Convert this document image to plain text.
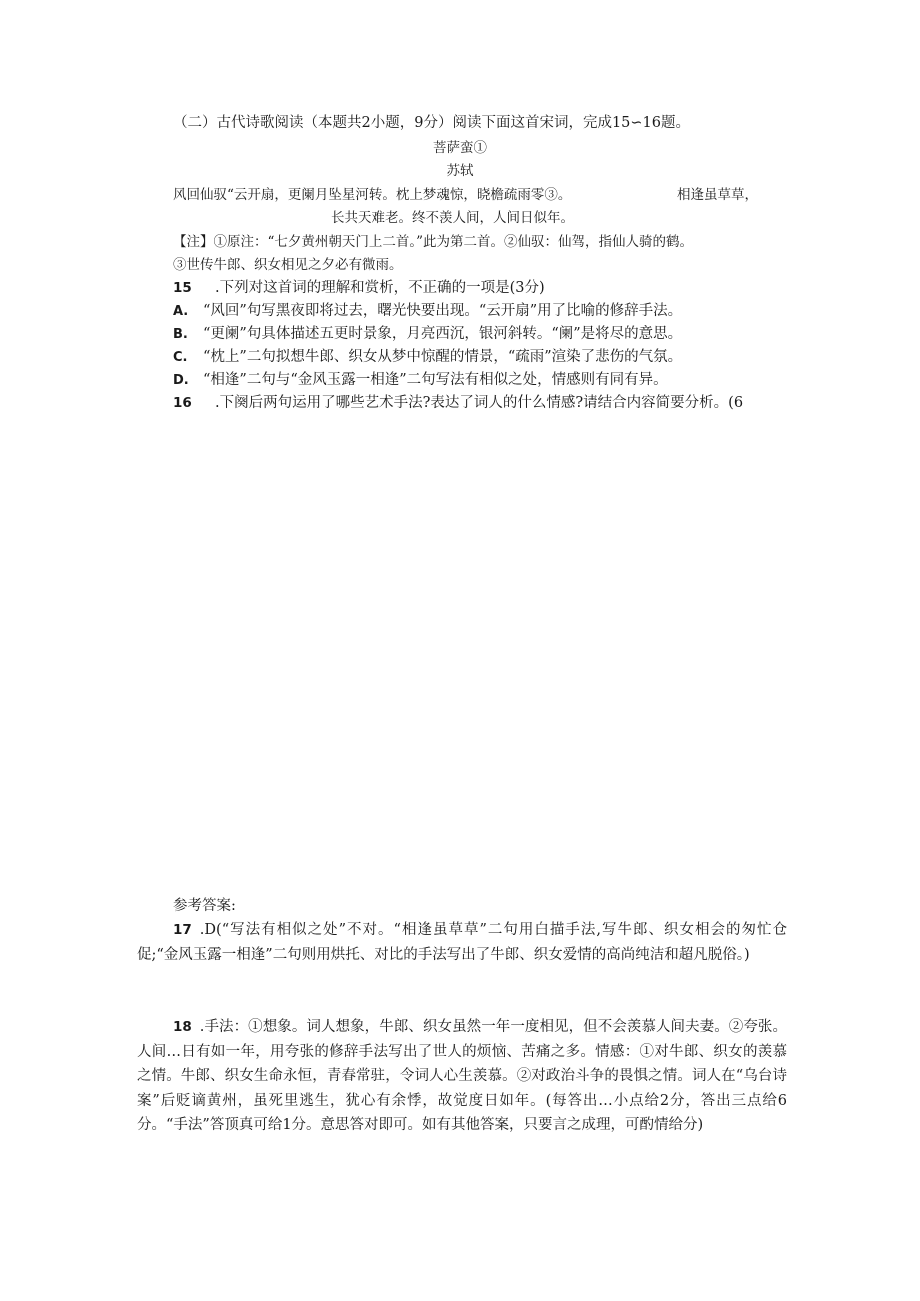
（二）古代诗歌阅读（本题共2小题，9分）阅读下面这首宋词，完成15∽16题。
菩萨蛮①
苏轼
风回仙驭“云开扇，更阑月坠星河转。枕上梦魂惊，晓檐疏雨零③。	相逢虽草草，
长共天难老。终不羡人间，人间日似年。
【注】①原注：“七夕黄州朝天门上二首。”此为第二首。②仙驭：仙驾，指仙人骑的鹤。
③世传牛郎、织女相见之夕必有微雨。
15 .下列对这首词的理解和赏析，不正确的一项是(3分)
A. “风回”句写黑夜即将过去，曙光快要出现。“云开扇”用了比喻的修辞手法。
B. “更阑”句具体描述五更时景象，月亮西沉，银河斜转。“阑”是将尽的意思。
C. “枕上”二句拟想牛郎、织女从梦中惊醒的情景，“疏雨”渲染了悲伤的气氛。
D. “相逢”二句与“金风玉露一相逢”二句写法有相似之处，情感则有同有异。
16 .下阕后两句运用了哪些艺术手法?表达了词人的什么情感?请结合内容简要分析。(6
参考答案:
17 .D(“写法有相似之处”不对。“相逢虽草草”二句用白描手法,写牛郎、织女相会的匆忙仓促;“金风玉露一相逢”二句则用烘托、对比的手法写出了牛郎、织女爱情的高尚纯洁和超凡脱俗。)
18 .手法：①想象。词人想象，牛郎、织女虽然一年一度相见，但不会羡慕人间夫妻。②夸张。人间…日有如一年，用夸张的修辞手法写出了世人的烦恼、苦痛之多。情感：①对牛郎、织女的羡慕之情。牛郎、织女生命永恒，青春常驻，令词人心生羡慕。②对政治斗争的畏惧之情。词人在“乌台诗案”后贬谪黄州，虽死里逃生，犹心有余悸，故觉度日如年。(每答出…小点给2分，答出三点给6分。“手法”答顶真可给1分。意思答对即可。如有其他答案，只要言之成理，可酌情给分)
